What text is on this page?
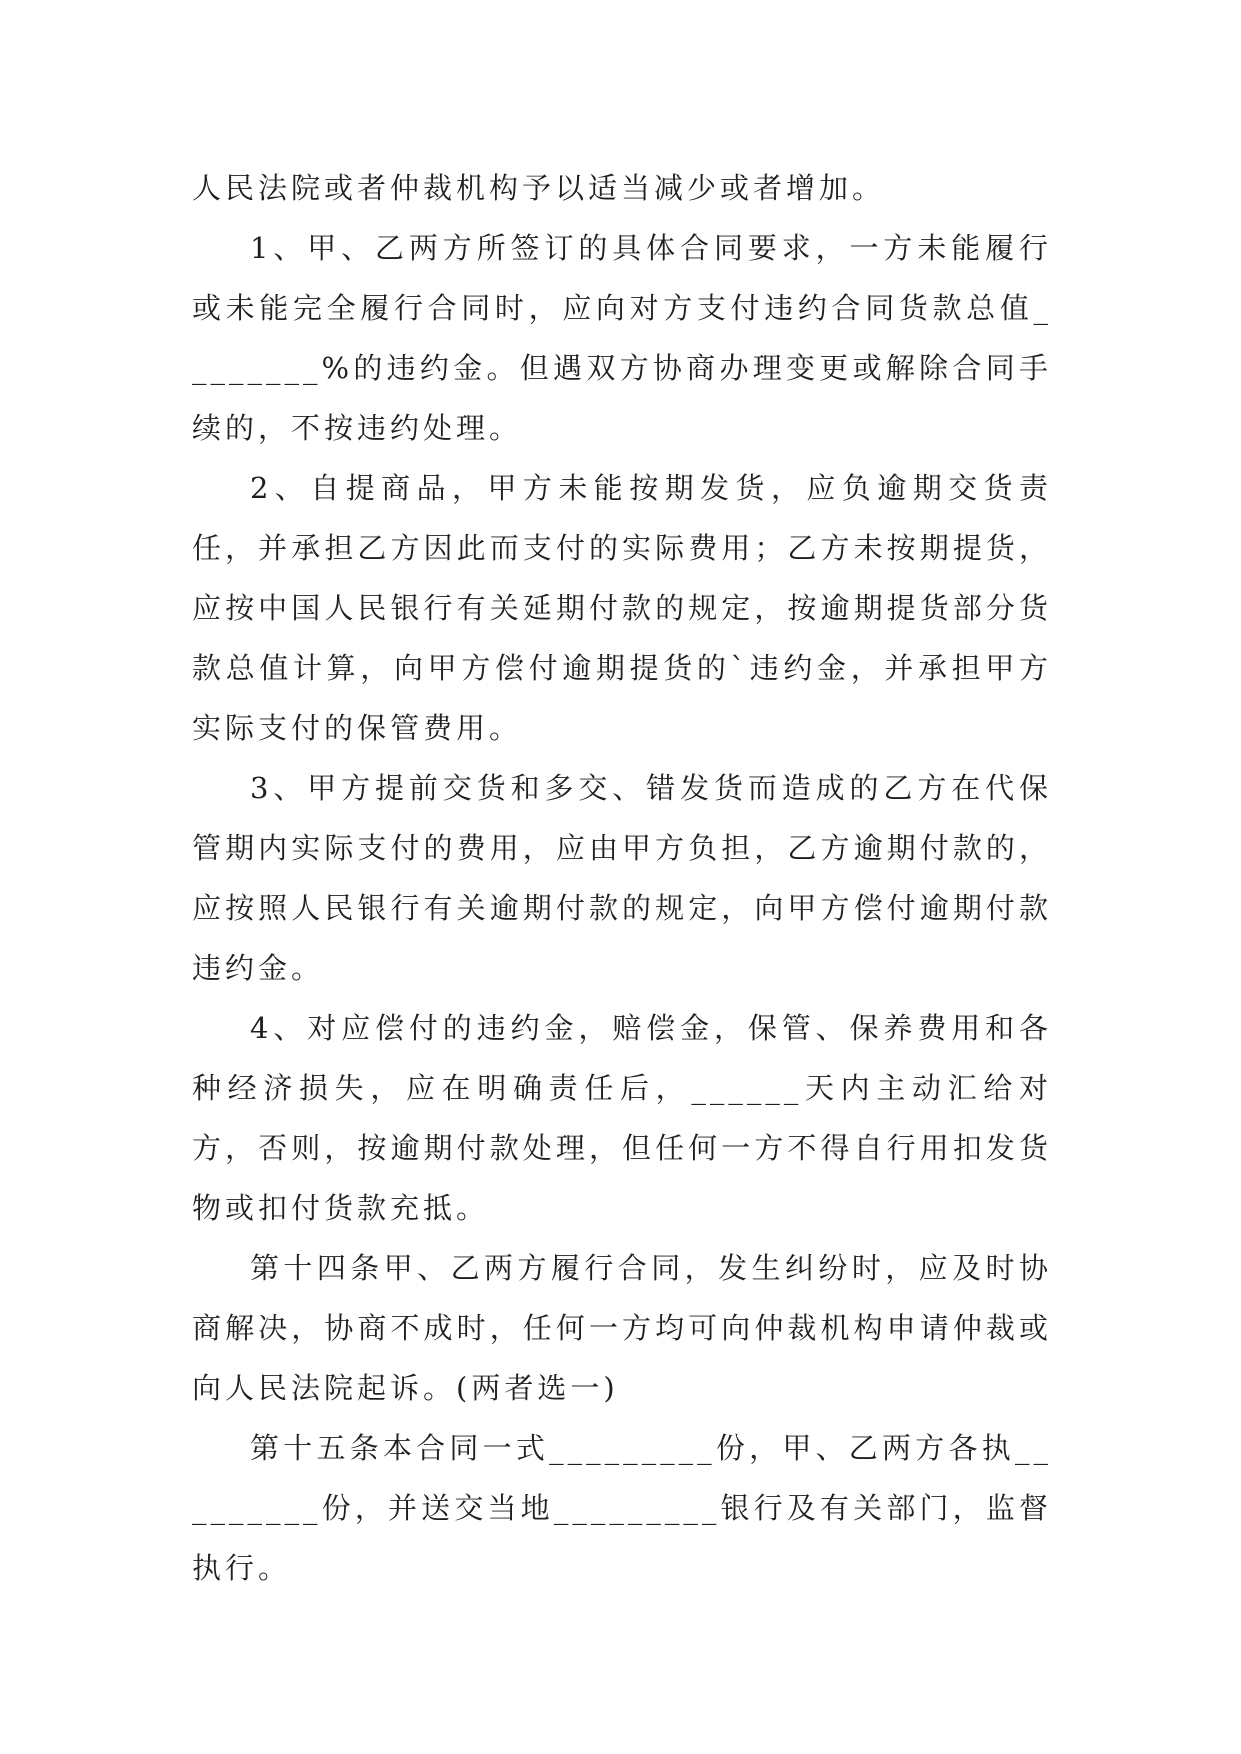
人民法院或者仲裁机构予以适当减少或者增加。

1、甲、乙两方所签订的具体合同要求，一方未能履行或未能完全履行合同时，应向对方支付违约合同货款总值________%的违约金。但遇双方协商办理变更或解除合同手续的，不按违约处理。

2、自提商品，甲方未能按期发货，应负逾期交货责任，并承担乙方因此而支付的实际费用；乙方未按期提货，应按中国人民银行有关延期付款的规定，按逾期提货部分货款总值计算，向甲方偿付逾期提货的`违约金，并承担甲方实际支付的保管费用。

3、甲方提前交货和多交、错发货而造成的乙方在代保管期内实际支付的费用，应由甲方负担，乙方逾期付款的，应按照人民银行有关逾期付款的规定，向甲方偿付逾期付款违约金。

4、对应偿付的违约金，赔偿金，保管、保养费用和各种经济损失，应在明确责任后，______天内主动汇给对方，否则，按逾期付款处理，但任何一方不得自行用扣发货物或扣付货款充抵。

第十四条甲、乙两方履行合同，发生纠纷时，应及时协商解决，协商不成时，任何一方均可向仲裁机构申请仲裁或向人民法院起诉。(两者选一)

第十五条本合同一式_________份，甲、乙两方各执_________份，并送交当地_________银行及有关部门，监督执行。
